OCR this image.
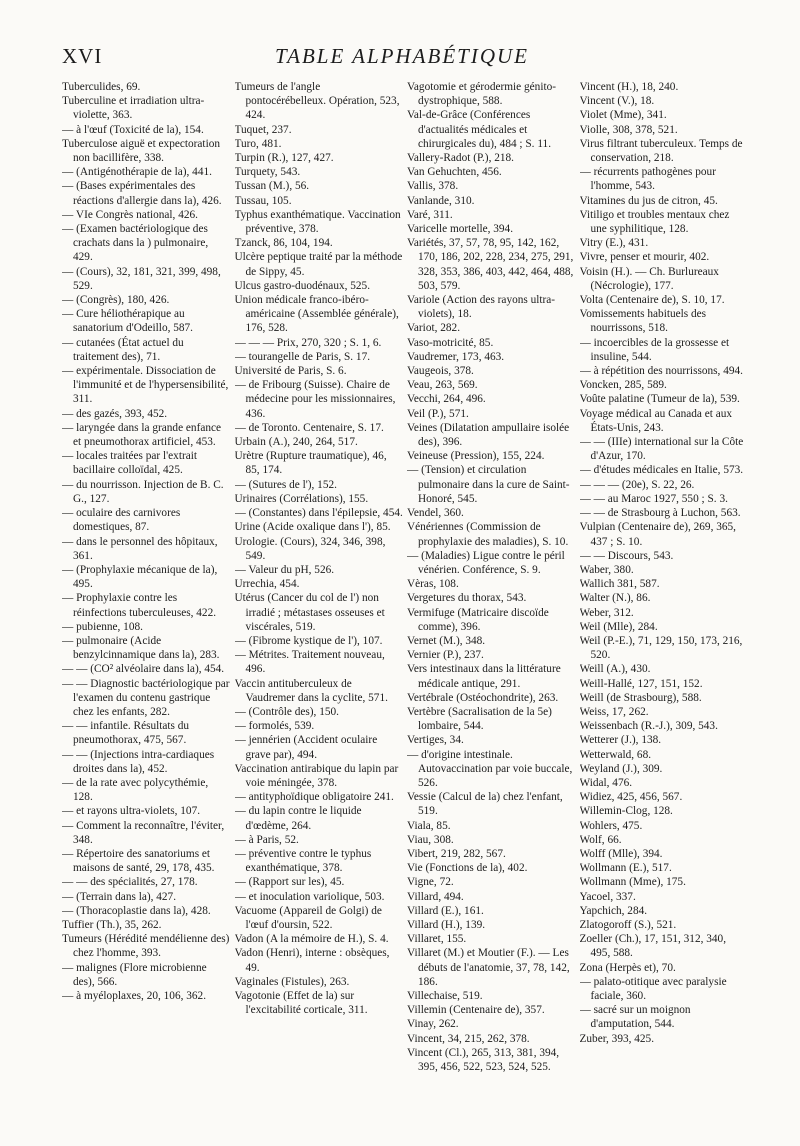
XVI	TABLE ALPHABÉTIQUE

Tuberculides, 69.

Tuberculine et irradiation ultra-violette, 363.

— à l'œuf (Toxicité de la), 154.

Tuberculose aiguë et expectoration non bacillifère, 338.

— (Antigénothérapie de la), 441.

— (Bases expérimentales des réactions d'allergie dans la), 426.

— VIe Congrès national, 426.

— (Examen bactériologique des crachats dans la ) pulmonaire, 429.

— (Cours), 32, 181, 321, 399, 498, 529.

— (Congrès), 180, 426.

— Cure héliothérapique au sanatorium d'Odeillo, 587.

— cutanées (État actuel du traitement des), 71.

— expérimentale. Dissociation de l'immunité et de l'hypersensibilité, 311.

— des gazés, 393, 452.

— laryngée dans la grande enfance et pneumothorax artificiel, 453.

— locales traitées par l'extrait bacillaire colloïdal, 425.

— du nourrisson. Injection de B. C. G., 127.

— oculaire des carnivores domestiques, 87.

— dans le personnel des hôpitaux, 361.

— (Prophylaxie mécanique de la), 495.

— Prophylaxie contre les réinfections tuberculeuses, 422.

— pubienne, 108.

— pulmonaire (Acide benzylcinnamique dans la), 283.

— — (CO² alvéolaire dans la), 454.

— — Diagnostic bactériologique par l'examen du contenu gastrique chez les enfants, 282.

— — infantile. Résultats du pneumothorax, 475, 567.

— — (Injections intra-cardiaques droites dans la), 452.

— de la rate avec polycythémie, 128.

— et rayons ultra-violets, 107.

— Comment la reconnaître, l'éviter, 348.

— Répertoire des sanatoriums et maisons de santé, 29, 178, 435.

— — des spécialités, 27, 178.

— (Terrain dans la), 427.

— (Thoracoplastie dans la), 428.

Tuffier (Th.), 35, 262.

Tumeurs (Hérédité mendélienne des) chez l'homme, 393.

— malignes (Flore microbienne des), 566.

— à myéloplaxes, 20, 106, 362.

Tumeurs de l'angle pontocérébelleux. Opération, 523, 424.

Tuquet, 237.

Turo, 481.

Turpin (R.), 127, 427.

Turquety, 543.

Tussan (M.), 56.

Tussau, 105.

Typhus exanthématique. Vaccination préventive, 378.

Tzanck, 86, 104, 194.

Ulcère peptique traité par la méthode de Sippy, 45.

Ulcus gastro-duodénaux, 525.

Union médicale franco-ibéro-américaine (Assemblée générale), 176, 528.

— — — Prix, 270, 320 ; S. 1, 6.

— tourangelle de Paris, S. 17.

Université de Paris, S. 6.

— de Fribourg (Suisse). Chaire de médecine pour les missionnaires, 436.

— de Toronto. Centenaire, S. 17.

Urbain (A.), 240, 264, 517.

Urètre (Rupture traumatique), 46, 85, 174.

— (Sutures de l'), 152.

Urinaires (Corrélations), 155.

— (Constantes) dans l'épilepsie, 454.

Urine (Acide oxalique dans l'), 85.

Urologie. (Cours), 324, 346, 398, 549.

— Valeur du pH, 526.

Urrechia, 454.

Utérus (Cancer du col de l') non irradié ; métastases osseuses et viscérales, 519.

— (Fibrome kystique de l'), 107.

— Métrites. Traitement nouveau, 496.

Vaccin antituberculeux de Vaudremer dans la cyclite, 571.

— (Contrôle des), 150.

— formolés, 539.

— jennérien (Accident oculaire grave par), 494.

Vaccination antirabique du lapin par voie méningée, 378.

— antityphoïdique obligatoire 241.

— du lapin contre le liquide d'œdème, 264.

— à Paris, 52.

— préventive contre le typhus exanthématique, 378.

— (Rapport sur les), 45.

— et inoculation variolique, 503.

Vacuome (Appareil de Golgi) de l'œuf d'oursin, 522.

Vadon (A la mémoire de H.), S. 4.

Vadon (Henri), interne : obsèques, 49.

Vaginales (Fistules), 263.

Vagotonie (Effet de la) sur l'excitabilité corticale, 311.

Vagotomie et gérodermie génito-dystrophique, 588.

Val-de-Grâce (Conférences d'actualités médicales et chirurgicales du), 484 ; S. 11.

Vallery-Radot (P.), 218.

Van Gehuchten, 456.

Vallis, 378.

Vanlande, 310.

Varé, 311.

Varicelle mortelle, 394.

Variétés, 37, 57, 78, 95, 142, 162, 170, 186, 202, 228, 234, 275, 291, 328, 353, 386, 403, 442, 464, 488, 503, 579.

Variole (Action des rayons ultra-violets), 18.

Variot, 282.

Vaso-motricité, 85.

Vaudremer, 173, 463.

Vaugeois, 378.

Veau, 263, 569.

Vecchi, 264, 496.

Veil (P.), 571.

Veines (Dilatation ampullaire isolée des), 396.

Veineuse (Pression), 155, 224.

— (Tension) et circulation pulmonaire dans la cure de Saint-Honoré, 545.

Vendel, 360.

Vénériennes (Commission de prophylaxie des maladies), S. 10.

— (Maladies) Ligue contre le péril vénérien. Conférence, S. 9.

Vèras, 108.

Vergetures du thorax, 543.

Vermifuge (Matricaire discoïde comme), 396.

Vernet (M.), 348.

Vernier (P.), 237.

Vers intestinaux dans la littérature médicale antique, 291.

Vertébrale (Ostéochondrite), 263.

Vertèbre (Sacralisation de la 5e) lombaire, 544.

Vertiges, 34.

— d'origine intestinale. Autovaccination par voie buccale, 526.

Vessie (Calcul de la) chez l'enfant, 519.

Viala, 85.

Viau, 308.

Vibert, 219, 282, 567.

Vie (Fonctions de la), 402.

Vigne, 72.

Villard, 494.

Villard (E.), 161.

Villard (H.), 139.

Villaret, 155.

Villaret (M.) et Moutier (F.). — Les débuts de l'anatomie, 37, 78, 142, 186.

Villechaise, 519.

Villemin (Centenaire de), 357.

Vinay, 262.

Vincent, 34, 215, 262, 378.

Vincent (Cl.), 265, 313, 381, 394, 395, 456, 522, 523, 524, 525.

Vincent (H.), 18, 240.

Vincent (V.), 18.

Violet (Mme), 341.

Violle, 308, 378, 521.

Virus filtrant tuberculeux. Temps de conservation, 218.

— récurrents pathogènes pour l'homme, 543.

Vitamines du jus de citron, 45.

Vitiligo et troubles mentaux chez une syphilitique, 128.

Vitry (E.), 431.

Vivre, penser et mourir, 402.

Voisin (H.). — Ch. Burlureaux (Nécrologie), 177.

Volta (Centenaire de), S. 10, 17.

Vomissements habituels des nourrissons, 518.

— incoercibles de la grossesse et insuline, 544.

— à répétition des nourrissons, 494.

Voncken, 285, 589.

Voûte palatine (Tumeur de la), 539.

Voyage médical au Canada et aux États-Unis, 243.

— — (IIIe) international sur la Côte d'Azur, 170.

— d'études médicales en Italie, 573.

— — — (20e), S. 22, 26.

— — au Maroc 1927, 550 ; S. 3.

— — de Strasbourg à Luchon, 563.

Vulpian (Centenaire de), 269, 365, 437 ; S. 10.

— — Discours, 543.

Waber, 380.

Wallich 381, 587.

Walter (N.), 86.

Weber, 312.

Weil (Mlle), 284.

Weil (P.-E.), 71, 129, 150, 173, 216, 520.

Weill (A.), 430.

Weill-Hallé, 127, 151, 152.

Weill (de Strasbourg), 588.

Weiss, 17, 262.

Weissenbach (R.-J.), 309, 543.

Wetterer (J.), 138.

Wetterwald, 68.

Weyland (J.), 309.

Widal, 476.

Widiez, 425, 456, 567.

Willemin-Clog, 128.

Wohlers, 475.

Wolf, 66.

Wolff (Mlle), 394.

Wollmann (E.), 517.

Wollmann (Mme), 175.

Yacoel, 337.

Yapchich, 284.

Zlatogoroff (S.), 521.

Zoeller (Ch.), 17, 151, 312, 340, 495, 588.

Zona (Herpès et), 70.

— palato-otitique avec paralysie faciale, 360.

— sacré sur un moignon d'amputation, 544.

Zuber, 393, 425.
